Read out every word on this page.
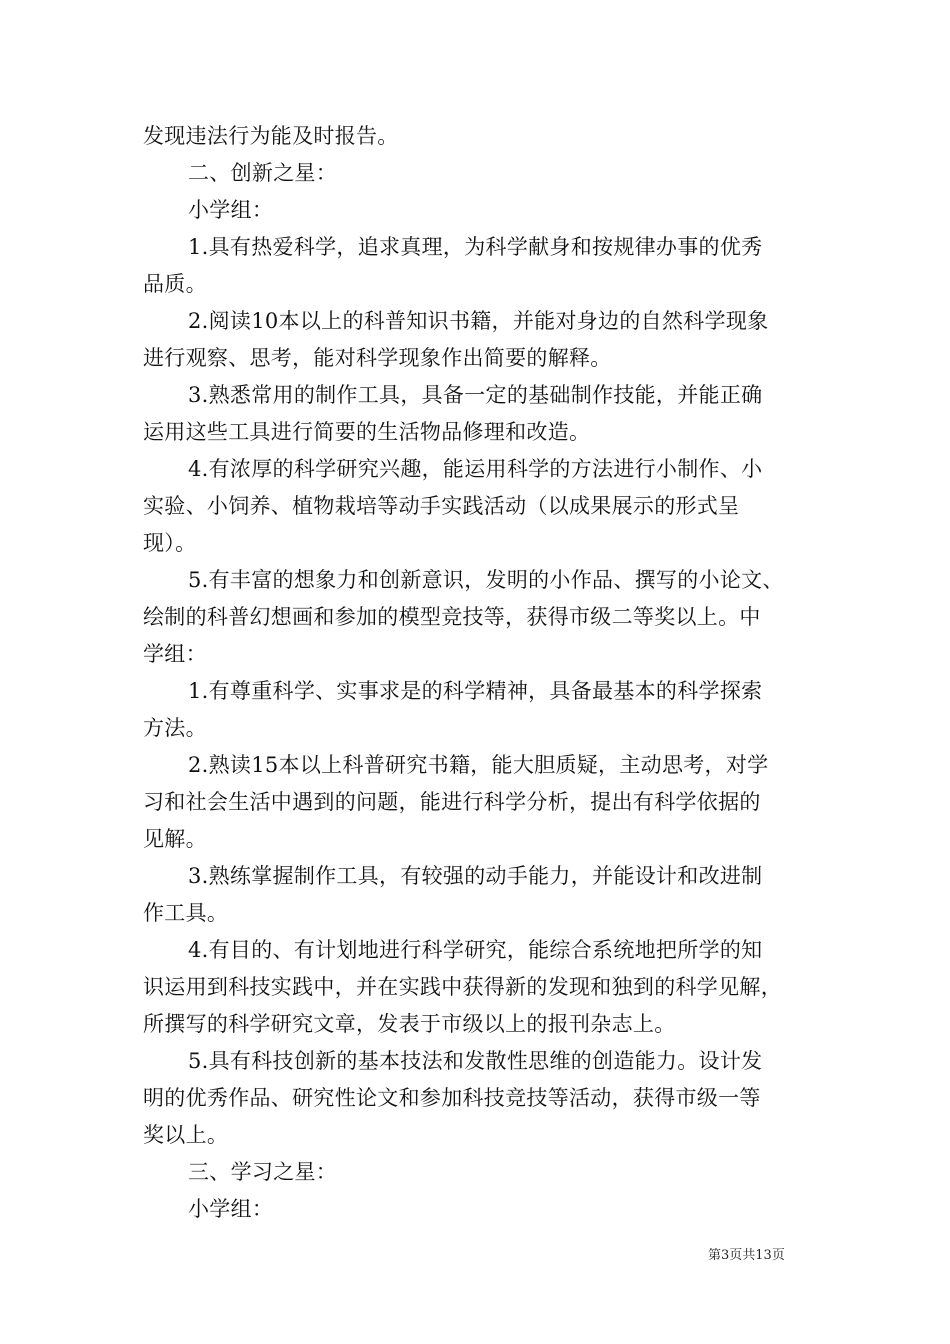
发现违法行为能及时报告。
二、创新之星：
小学组：
1.具有热爱科学，追求真理，为科学献身和按规律办事的优秀
品质。
2.阅读10本以上的科普知识书籍，并能对身边的自然科学现象
进行观察、思考，能对科学现象作出简要的解释。
3.熟悉常用的制作工具，具备一定的基础制作技能，并能正确
运用这些工具进行简要的生活物品修理和改造。
4.有浓厚的科学研究兴趣，能运用科学的方法进行小制作、小
实验、小饲养、植物栽培等动手实践活动（以成果展示的形式呈
现）。
5.有丰富的想象力和创新意识，发明的小作品、撰写的小论文、
绘制的科普幻想画和参加的模型竞技等，获得市级二等奖以上。中
学组：
1.有尊重科学、实事求是的科学精神，具备最基本的科学探索
方法。
2.熟读15本以上科普研究书籍，能大胆质疑，主动思考，对学
习和社会生活中遇到的问题，能进行科学分析，提出有科学依据的
见解。
3.熟练掌握制作工具，有较强的动手能力，并能设计和改进制
作工具。
4.有目的、有计划地进行科学研究，能综合系统地把所学的知
识运用到科技实践中，并在实践中获得新的发现和独到的科学见解，
所撰写的科学研究文章，发表于市级以上的报刊杂志上。
5.具有科技创新的基本技法和发散性思维的创造能力。设计发
明的优秀作品、研究性论文和参加科技竞技等活动，获得市级一等
奖以上。
三、学习之星：
小学组：
第3页共13页
